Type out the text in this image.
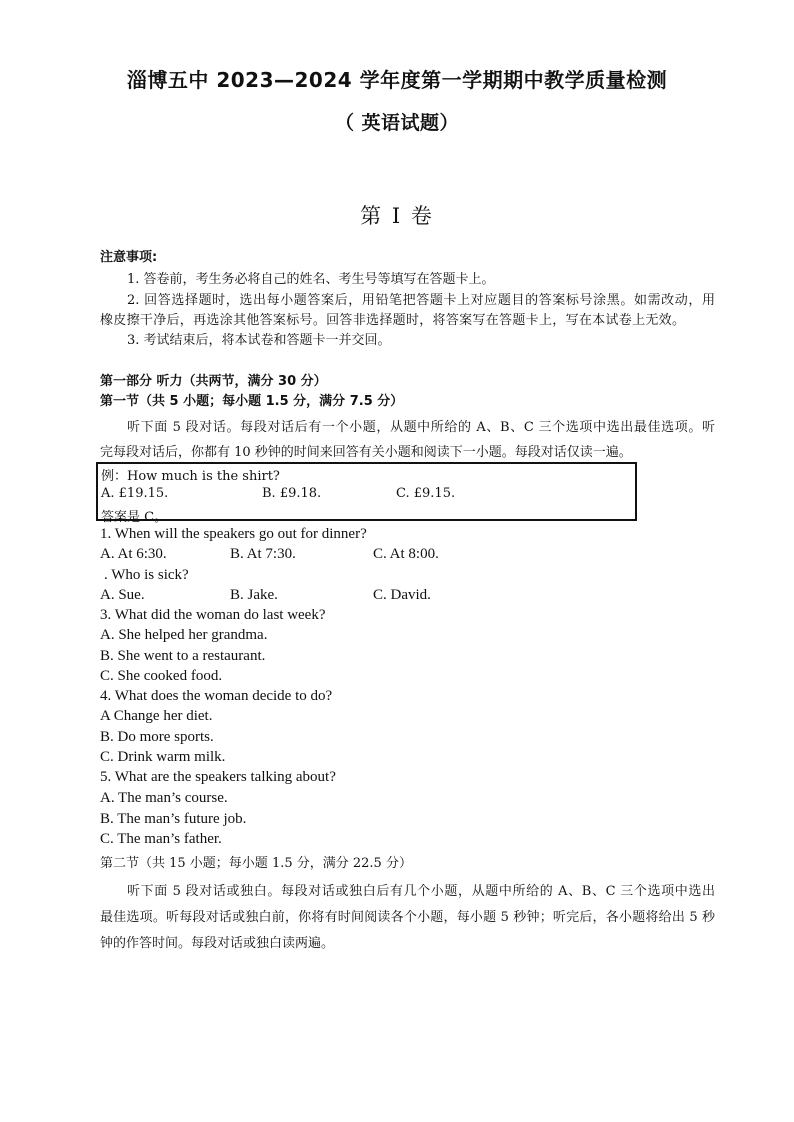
淄博五中 2023—2024 学年度第一学期期中教学质量检测
（ 英语试题）
第 I 卷
注意事项:
1. 答卷前，考生务必将自己的姓名、考生号等填写在答题卡上。
2. 回答选择题时，选出每小题答案后，用铅笔把答题卡上对应题目的答案标号涂黑。如需改动，用
橡皮擦干净后，再选涂其他答案标号。回答非选择题时，将答案写在答题卡上，写在本试卷上无效。
3. 考试结束后，将本试卷和答题卡一并交回。
第一部分 听力（共两节，满分 30 分）
第一节（共 5 小题；每小题 1.5 分，满分 7.5 分）
听下面 5 段对话。每段对话后有一个小题，从题中所给的 A、B、C 三个选项中选出最佳选项。听
完每段对话后，你都有 10 秒钟的时间来回答有关小题和阅读下一小题。每段对话仅读一遍。
例：How much is the shirt?
A. £19.15.	B. £9.18.	C. £9.15.
答案是 C。
1. When will the speakers go out for dinner?
A. At 6:30.	B. At 7:30.	C. At 8:00.
. Who is sick?
A. Sue.	B. Jake.	C. David.
3. What did the woman do last week?
A. She helped her grandma.
B. She went to a restaurant.
C. She cooked food.
4. What does the woman decide to do?
A Change her diet.
B. Do more sports.
C. Drink warm milk.
5. What are the speakers talking about?
A. The man’s course.
B. The man’s future job.
C. The man’s father.
第二节（共 15 小题；每小题 1.5 分，满分 22.5 分）
听下面 5 段对话或独白。每段对话或独白后有几个小题，从题中所给的 A、B、C 三个选项中选出
最佳选项。听每段对话或独白前，你将有时间阅读各个小题，每小题 5 秒钟；听完后，各小题将给出 5 秒
钟的作答时间。每段对话或独白读两遍。
